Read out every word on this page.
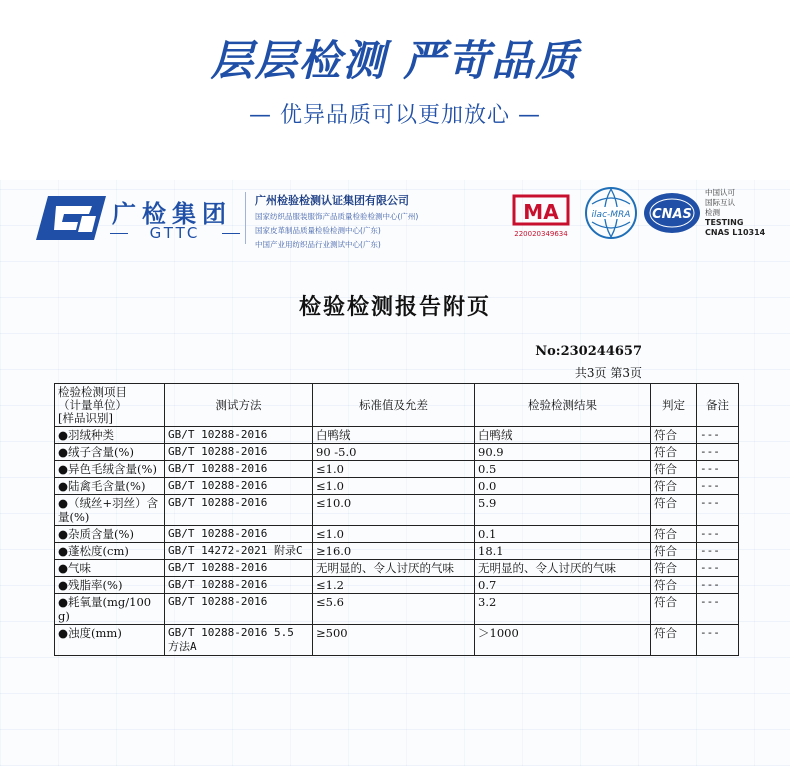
层层检测 严苛品质
— 优异品质可以更加放心 —
广检集团
GTTC
广州检验检测认证集团有限公司
国家纺织品服装服饰产品质量检验检测中心(广州)
国家皮革制品质量检验检测中心(广东)
中国产业用纺织品行业测试中心(广东)
MA
220020349634
ilac-MRA CNAS
中国认可
国际互认
检测
TESTING
CNAS L10314
检验检测报告附页
No:230244657
共3页 第3页
检验检测项目
（计量单位）
[样品识别]	测试方法	标准值及允差	检验检测结果	判定	备注
●羽绒种类	GB/T 10288-2016	白鸭绒	白鸭绒	符合	---
●绒子含量(%)	GB/T 10288-2016	90 -5.0	90.9	符合	---
●异色毛绒含量(%)	GB/T 10288-2016	≤1.0	0.5	符合	---
●陆禽毛含量(%)	GB/T 10288-2016	≤1.0	0.0	符合	---
●（绒丝+羽丝）含量(%)	GB/T 10288-2016	≤10.0	5.9	符合	---
●杂质含量(%)	GB/T 10288-2016	≤1.0	0.1	符合	---
●蓬松度(cm)	GB/T 14272-2021 附录C	≥16.0	18.1	符合	---
●气味	GB/T 10288-2016	无明显的、令人讨厌的气味	无明显的、令人讨厌的气味	符合	---
●残脂率(%)	GB/T 10288-2016	≤1.2	0.7	符合	---
●耗氧量(mg/100g)	GB/T 10288-2016	≤5.6	3.2	符合	---
●浊度(mm)	GB/T 10288-2016 5.5 方法A	≥500	＞1000	符合	---
